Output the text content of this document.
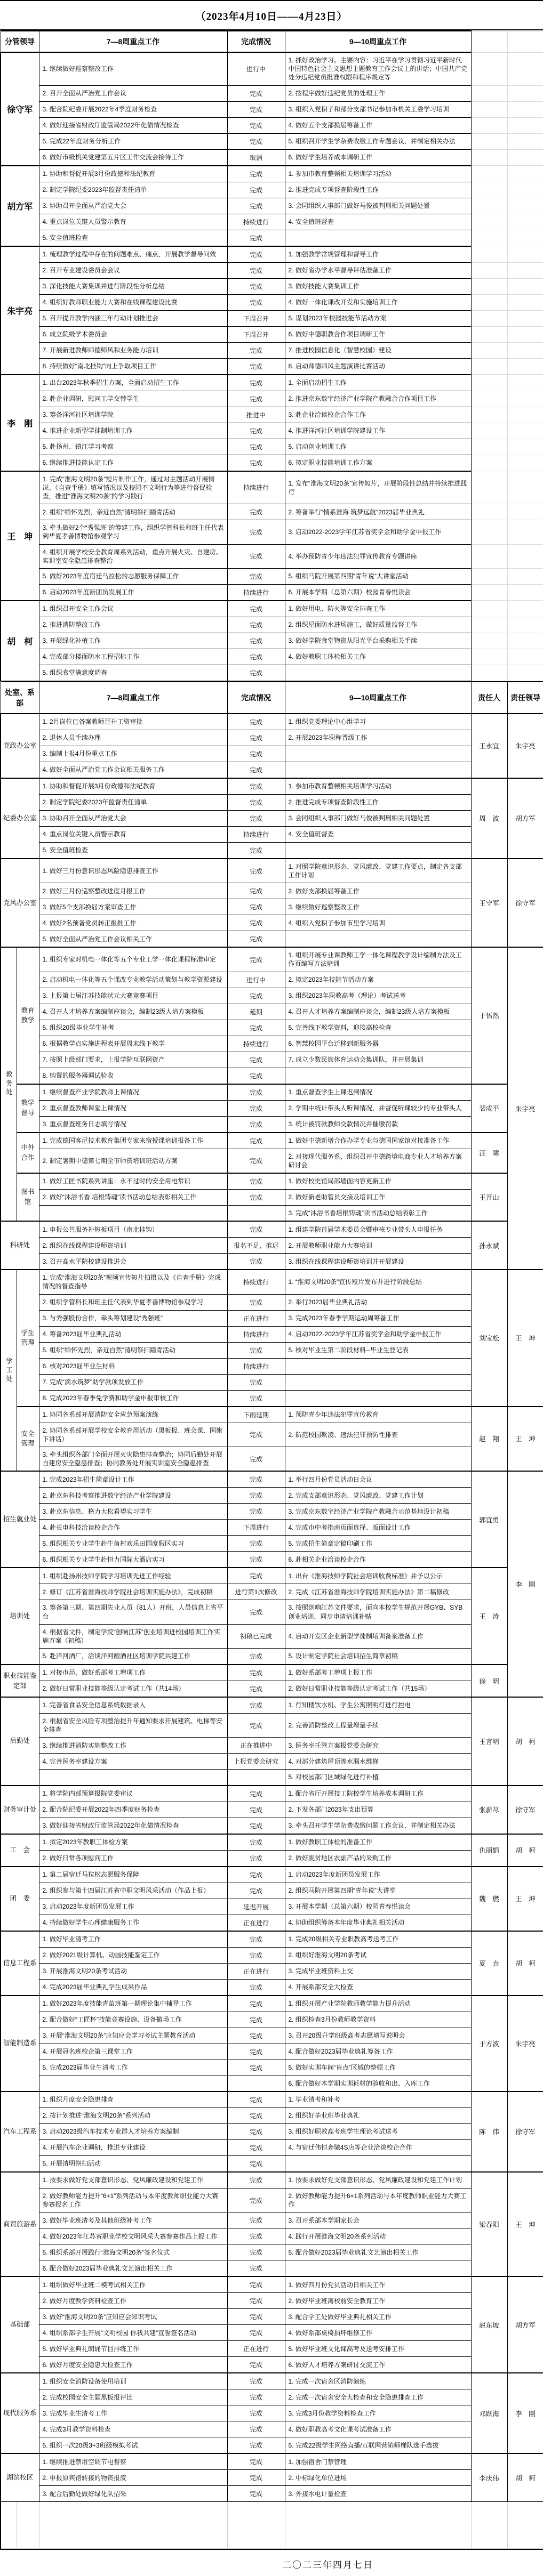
（2023年4月10日——4月23日）
分管领导	7—8周重点工作	完成情况	9—10周重点工作		
徐守军	1. 继续做好巡察整改工作	进行中	1. 抓好政治学习。主要内容：习近平在学习贯彻习近平新时代中国特色社会主义思想主题教育工作会议上的讲话；中国共产党处分违纪党员批准权限和程序规定等		
	2. 召开全面从严治党工作会议	完成	2. 按程序做好违纪党员的处理工作		
	3. 配合院纪委开展2022年4季度财务检查	完成	3. 组织入党积子和部分支部书记参加市机关工委学习培训		
	4. 做好迎接省财政厅监管局2022年化债情况检查	完成	4. 做好五个支部换届筹备工作		
	5. 完成22年度财务分析工作	完成	5. 组织召开学生学杂费收缴工作专题会议，并制定相关办法		
	6. 做好市级机关党建第五片区工作交流会接待工作	取消	6. 做好学生培养成本调研工作		
胡方军	1. 协助和督促开展3月份政德和法纪教育	完成	1. 参加市教育整顿相关培训学习活动		
	2. 制定学院纪委2023年监督责任清单	完成	2. 推进完成专项督查阶段性工作		
	3. 协助召开全面从严治党大会	完成	3. 会同组织人事部门做好马俊被判刑相关问题处置		
	4. 重点岗位关键人员警示教育	持续进行	4. 安全值班督查		
	5. 安全值班检查	完成			
朱宇亮	1. 梳理教学过程中存在的问题难点、痛点，开展教学督导问效	完成	1. 加强教学常规管理和督导工作		
	2. 召开专业建设委员会会议	完成	2. 做好省办学水平督导评估准备工作		
	3. 深化技能大赛集训并进行阶段性分析总结	完成	3. 做好技能大赛集训工作		
	4. 组织好教师职业能力大赛和在线课程建设比赛	完成	4. 做好一体化课改开发和实施培训工作		
	5. 召开提升教学内涵三年行动计划推进会	下周召开	5. 谋划2023年校园技能节活动方案		
	6. 成立院级学术委员会	下周召开	6. 做好中德职教合作项目调研工作		
	7. 开展新进教师师德师风和业务能力培训	完成	7. 推进校园信息化（智慧校园）建设		
	8. 持续做好“南北挂钩”向上争取项目工作	完成	8. 启动师德师风主题演讲比赛活动		
李　刚	1. 出台2023年秋季招生方案，全面启动招生工作	完成	1. 全面启动招生工作		
	2. 赴企业调研，慰问工学交替学生	完成	2. 推进京东数字经济产业学院产教融合合作项目工作		
	3. 筹备洋河社区培训学院	推进中	3. 赴企业洽谈校企合作工作		
	4. 推进企业新型学徒制培训工作	完成	4. 推进洋河社区培训学院建设工作		
	5. 赴扬州、镇江学习考察	完成	5. 启动创业培训工作		
	6. 继续推进技能认定工作	完成	6. 拟定职业技能培训工作方案		
王　坤	1. 完成“淮海文明20条”短片制作工作，通过对主题活动开展情况、《自查手册》填写情况以及校园不文明行为等进行督促检查，推进“淮海文明20条”的学习践行	持续进行	1. 发布“淮海文明20条”宣传短片，开展阶段性总结并持续推进践行		
	2. 组织“缅怀先烈，亲近自然”清明祭扫踏青活动	完成	2. 筹备举行“情系淮海 筑梦远航”2023届毕业典礼		
	3. 牵头做好2个“秀强班”的筹建工作，组织学管科长和班主任代表到华夏孝善博物馆参观学习	完成	3. 启动2022-2023学年江苏省奖学金和助学金申报工作		
	4. 组织开展学校安全教育周系列活动，重点开展火灾、自建房、实训室安全隐患排查整治	完成	4. 举办预防青少年违法犯罪宣传教育专题讲座		
	5. 做好2023年度宿迁马拉松的志愿服务保障工作	完成	5. 组织马院开展第四期“青年说”大讲堂活动		
	6. 启动2023年度新团员发展工作	持续进行	6. 开展本学期（总第六期）校园青春悦读会		
胡　柯	1. 组织召开安全工作会议	完成	1. 做好用电、防火等安全排查工作		
	2. 推进消防整改工作	完成	2. 组织屋面防水进场施工，做好质量监督工作		
	3. 开展绿化补植工作	完成	3. 做好学院食堂物资从阳光平台采购相关手续		
	4. 完成部分楼面防水工程招标工作	完成	4. 做好教职工体检相关工作		
	5. 组织食堂满意度调查	完成			
处室、系部		7—8周重点工作	完成情况	9—10周重点工作	责任人	责任领导
党政办公室		1. 2月岗位已备案教师晋升工资审批	完成	1. 组织党委理论中心组学习	王永宜	朱宇亮
		2. 退休人员手续办理	完成	2. 开展2023年职称晋级工作		
		3. 编制上报4月份重点工作	完成			
		4. 做好全面从严治党工作会议相关服务工作	完成			
纪委办公室		1. 协助和督促开展3月份政德和法纪教育	完成	1. 参加市教育整顿相关培训学习活动	周　波	胡方军
		2. 制定学院纪委2023年监督责任清单	完成	2. 推进完成专项督查阶段性工作		
		3. 协助召开全面从严治党大会	完成	3. 会同组织人事部门做好马俊被判刑相关问题处置		
		4. 重点岗位关键人员警示教育	持续进行	4. 安全值班督查		
		5. 安全值班检查	完成			
党风办公室		1. 做好三月份意识形态风险隐患排查工作	完成	1. 对照学院意识形态、党风廉政、党建工作要点，制定各支部工作计划	王守军	徐守军
		2. 做好三月份巡察整改进度月报工作	完成	2. 做好支部换届筹备工作		
		3. 做好5个支部换届方案审查工作	完成	3. 继续做好巡察整改工作		
		4. 做好2名预备党员转正报批工作	完成	4. 组织入党积子参加市里学习培训		
		5. 做好全面从严治党工作会议相关工作	完成			
教务处	教育教学	1. 组织专家对机电一体化等五个专业工学一体化课程标准审定	完成	1. 组织开展专业课教师工学一体化课程教学设计编制方法及工作页编写方法培训	于悟然	朱宇亮
		2. 启动机电一体化等五个课改专业教学活动策划与教学资源建设	进行中	2. 拟定2023年技能节活动方案		
		3. 上报第七届江苏技能状元大赛竞赛项目	完成	3. 组织2023年职教高考（理论）考试送考		
		4. 召开人才培养方案编制座谈会，编制23级人培方案模板	延期	4. 召开人才培养方案编制座谈会，编制23级人培方案模板		
		5. 组织20级毕业学生补考	完成	5. 完善线下教学资料，迎接高校检查		
		6. 根据教学点实施进程表开展周末线下教学	持续进行	6. 智慧校园平台迁移到新服务器		
		7. 按照上级部门要求，上报学院互联网资产	完成	7. 成立少数民族体育运动会集训队，并开展集训		
		8. 购置的服务器调试验收	完成			
	教学督导	1. 继续督查产业学院教师上课情况	完成	1. 重点督查学生上课迟到情况	裴成平	
		2. 重点督查教师课堂上课情况	完成	2. 学期中统计带头人听课情况，并督促听课较少的专业带头人		
		3. 重点督查班务日志填写情况	完成	3. 统计被罚款教师交款情况并催缴罚款		
	中外合作	1. 完成德国客尼技术教育集团专家来宿授课培训报备工作	完成	1. 做好中德新增合作办学专业与德国国家馆对接准备工作	汪　啸	
		2. 制定暑期中德第七期全市师资培训班活动方案	完成	2. 对接现代服务系，组织召开中德跨境电商专业人才培养方案研讨会		
	图书馆	1. 做好工匠书院系列讲座：永不过时的安全用电常识	完成	1. 做好校史馆局部墙面内容更新工作	王开山	
		2. 做好“沐浴书香 培根铸魂”读书活动总结表彰相关工作	完成	2. 做好新老助管员交接及培训工作		
				3. 完成“沐浴书香培根铸魂”读书活动总结表彰工作		
科研处		1. 申报公共服务补短板项目（南北挂钩）	完成	1. 组建学院首届学术委员会暨审核专业带头人申报任务	孙永斌	
		2. 组织在线课程建设师资培训	报名不足，推迟	2. 开展教师职业能力大赛培训		
		3. 召开高水平院校建设推进会	完成	3. 组织在线课程建设师资培训并开展建设		
学工处	学生管理	1. 完成“淮海文明20条”视频宣传短片拍摄以及《自查手册》完成情况的督查指导	持续进行	1. “淮海文明20条”宣传短片发布并进行阶段总结	刘宝松	王　坤
		2. 组织学管科长和班主任代表到华夏孝善博物馆参观学习	完成	2. 举行2023届毕业典礼活动		
		3. 与秀强股份合作，牵头筹划建设“秀强班”	正在进行	3. 完成2023年春季学期运动周筹备工作		
		4. 筹备2023届毕业典礼活动	持续进行	4. 启动2022-2023学年江苏省奖学金和助学金申报工作		
		5. 组织“缅怀先烈，亲近自然”清明祭扫踏青活动	完成	5. 核对毕业生第二阶段材料--毕业生登记表		
		6. 核对2023届毕业生材料	持续进行			
		7. 完成“滴水筑梦”助学款项发放工作	完成			
		8. 完成2023年春季免学费和助学金申报审核工作	完成			
	安全管理	1. 协同各系部开展消防安全应急预案演练	下雨延期	1. 预防青少年违法犯罪宣传教育	赵　翔	王　坤
		2. 协同各系部开展学校安全教育周活动（黑板报、班会课、国旗下讲话）	完成	2. 防范校园欺凌、违法犯罪预防性排查		
		3. 牵头组织各部门全面开展火灾隐患排查整治；协同后勤处开展自建房安全隐患排查；协同教务处开展实训室安全隐患排查	完成			
招生就业处		1. 完成2023年招生简章设计工作	完成	1. 举行四月份党员活动日会议	郭宜勇	李　刚
		2. 赴京东科技考察推进数字经济产业学院建设	完成	2. 完成支部意识形态、党风廉政、党建工作计划		
		3. 赴京东信息、格力大松看望实习学生	完成	3. 完成京东数字经济产业学院产教融合示范基地设计初稿		
		4. 赴长电科技洽谈校企合作	下周进行	4. 完成市中考指南页面选择、版面设计工作		
		5. 组织相关专业学生赴牛角村欢乐田园度假区实习	完成	5. 完成招生简章定稿印刷工作		
		6. 组织相关专业学生赴恒力国际大酒店实习	完成	6. 赴相关企业洽谈校企合作		
培训处		1. 组织赴扬州技师学院学习培训先进工作经验	完成	1. 出台《淮海技师学院社会培训收费标准》并予以公示	王　涛	
		2. 修订《江苏省淮海技师学院社会培训实施办法》，完成初稿	进行第1次修改	2. 完成《江苏省淮海技师学院培训实施办法》第二稿修改		
		3. 筹备第三期、第四期失业人员（81人）开班，人员信息上省平台	完成	3. 按照创响江苏文件要求，面向本校学生规范开展GYB、SYB创业培训，同步申请培训补贴		
		4. 根据省文件，制定学院“创响江苏”创业培训进校园培训工作实施方案（初稿）	初稿已完成	4. 启动开发区企业新型学徒制培训备案准备工作		
		5. 赴洋河酒厂，洽谈洋河酿酒社区培训学院共建工作	完成	5. 设计制定学院社会培训招生简章初稿		
职业技能鉴定部		1. 对接市局，做好系部考工增项工作	完成	1. 做好系部考工增项上报工作	徐　明	
		2. 做好日常职业技能等级认定考试工作（共14场）	完成	2. 做好日常职业技能等级认定考试工作（共15场）		
后勤处		1. 完善省食品安全信息系统数据录入	完成	1. 行知楼饮水机、学生公寓照明灯进行控电	王言明	胡　柯
		2. 根据省安全风险专项整治提升年通知要求开展建筑、电梯等安全排查	完成	2. 完善消防整改工程量增量手续		
		3. 继续推进消防实施整改工作	正在推进中	3. 医务室托管方案报党委会研究		
		4. 完善医务室建设方案	上报党委会研究	4. 对部分建筑屋顶渗水漏水维修		
				5. 对校园部门区域绿化进行补植		
财务审计处		1. 将学院内部预算报院党委审议	完成	1. 配合省厅开展技工院校学生培养成本调研工作	张薪荩	徐守军
		2. 配合院纪委开展2022年四季度财务检查	完成	2. 下发各部门2023年支出预算		
		3. 做好迎接省财政厅监管局2022年化债情况检查	完成	3. 牵头召开学生学杂费收缴问题工作会议，并制定相关办法		
工　会		1. 拟定2023年教职工体检方案	完成	1. 做好教职工体检的准备工作	仇丽娟	胡　柯
		2. 做好日常各项慰问工作	完成	2. 做好脱贫地区农副产品的采购工作		
团　委		1. 第二届宿迁马拉松志愿服务保障	完成	1. 启动2023年度新团员发展工作	魏　燃	王　坤
		2. 组织参与第十四届江苏省中职文明风采活动（作品上报）	完成	2. 组织马院开展第四期“青年说”大讲堂		
		3. 启动2023年度新团员发展工作	延迟开展	3. 开展本学期（总第六期）校园青春悦读会		
		4. 持续做好学生心理健康服务工作	正在进行	4. 协助组织筹备本年度毕业典礼相关活动		
信息工程系		1. 做好毕业清考工作	完成	1. 完成20级相关专业职教高考送考工作	夏　垚	胡　柯
		2. 做好2021级计算机、动画技能鉴定工作	完成	2. 组织好淮海文明20条考试		
		3. 开展淮海文明20条考试活动	正在进行	3. 完成毕业班资料上交		
		4. 完成2023届毕业典礼学生成果作品	完成	4. 开展系部安全大检查		
智能制造系		1. 做好2023年度技能青苗班第一期理论集中辅导工作	完成	1. 组织开展产业学院教师教学能力提升活动	于方波	朱宇亮
		2. 配合做好“工匠杯”技能竞赛设施、设备撤场工作	完成	2. 组织检查3月份教师教学资料		
		3. 开展“淮海文明20条”应知应会学习考试主题教育活动	完成	3. 召开20级升学班级高考志愿填写说明会		
		4. 开展冠名班校企第三课堂工作	完成	4. 配合做好2023届毕业典礼筹备工作		
		5. 完成2023届毕业生清考工作	完成	5. 做好实训车间“盲点”区域的整顿工作		
				6. 配合做好本学期实训耗材的验收和出、入库工作		
汽车工程系		1. 组织月度安全隐患排查	完成	1. 毕业清考和补考	陈　伟	徐守军
		2. 按计划推进“淮海文明20条”系列活动	完成	2. 组织好毕业班毕业典礼		
		3. 启动2023级汽车技术专业群人才培养方案编制	完成	3. 组织好职教高考班学生理论考试送考		
		4. 开展汽车企业调研，推进专业建设	完成	4. 与宿迁伟恒奔驰4S店等企业洽谈校企合作		
		5. 开展清明祭扫活动	完成			
商贸旅游系		1. 按要求做好党支部意识形态、党风廉政建设和党建工作	完成	1. 按要求做好党支部意识形态、党风廉政建设和党建工作计划	梁春阳	王　坤
		2. 做好教师能力提升“6+1”系列活动与本年度教师职业能力大赛参赛报名工作	完成	2. 做好教师能力提升6+1系列活动与本年度教师职业能力大赛工作		
		3. 做好毕业班清考及其他班级补考工作	完成	3. 召开系部本学期家长会		
		4. 做好2023年江苏省职业学校文明风采大赛参赛作品上报工作	完成	4. 践行开展淮海文明20条系列活动		
		5. 组织系部开展践行“淮海文明20条”签名仪式	完成	5. 配合做好2023届毕业典礼文艺演出相关工作		
		6. 配合做好2023届毕业典礼文艺演出相关工作	完成			
基础部		1. 组织做好毕业班二模考试相关工作	完成	1. 做好四月份党员活动日相关工作	赵东坡	胡方军
		2. 做好月度教学资料检查工作	完成	2. 做好毕业班离校前安全教育工作		
		3. 做好“淮海文明20条”应知应会知识考试	完成	3. 配合学工处做好毕业典礼相关工作		
		4. 组织系部学生开展“文明校园 你我共建”宣誓签名活动	完成	4. 做好系部桌椅损坏维修工作		
		5. 做好毕业典礼朗诵节目排练工作	正在进行	5. 做好毕业班文化课高考及送考安排工作		
		6. 做好月度安全隐患大检查工作	完成	6. 做好人才培养方案研讨交流工作		
现代服务系		1. 组织安全消防设备使用培训	完成	1. 完成一次宿舍区消防演练	邓跃海	李　刚
		2. 完成校园安全主题黑板报评比	完成	2. 完成一次宿舍安全大检查和安全隐患排查工作		
		3. 完成毕业生清考工作	完成	3. 完成3月份教学资料检查工作		
		4. 完成3月教学资料检查	完成	4. 做好职教高考文化课考试准备工作		
		5. 组织一次20级3+3班级模拟考试	完成	5. 完成22级学生网络直播/互联网营销师梯队选手选拔		
湖滨校区		1. 继续推进禁用空调节电督察	完成	1. 加强宿舍门禁管理	李庆伟	胡　柯
		2. 申报原宾馆转接的物资报废	完成	2. 中标绿化单位进场		
		3. 配合后勤处做好绿化队招采	完成	3. 外接水电计量检查		

二〇二三年四月七日
